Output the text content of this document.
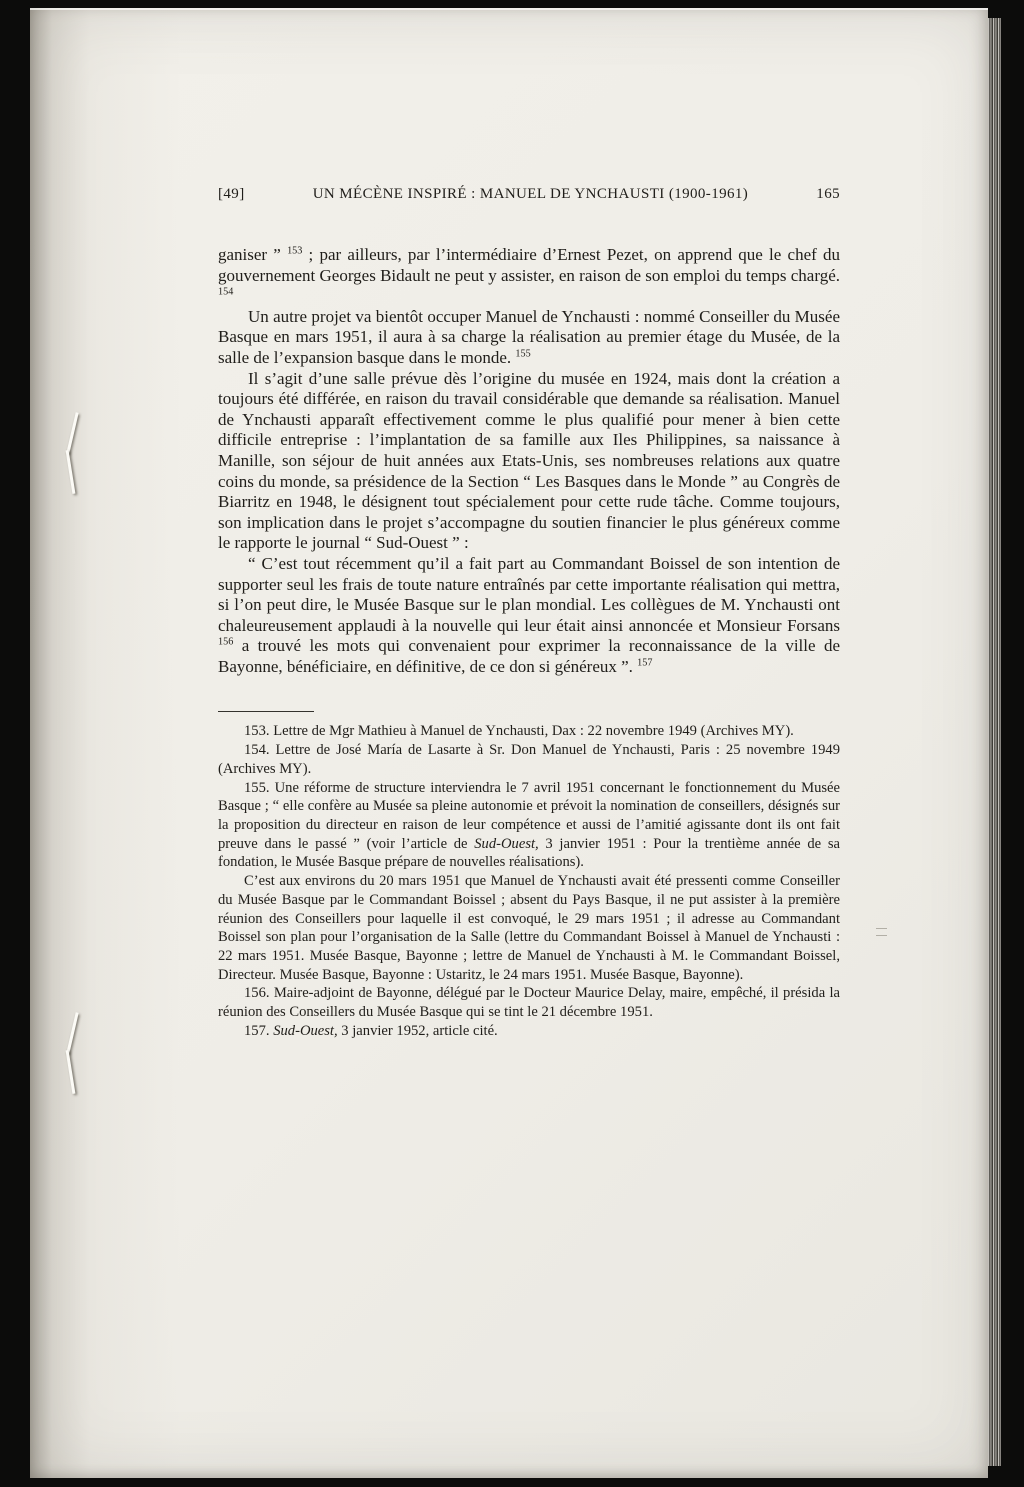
[49]	UN MÉCÈNE INSPIRÉ : MANUEL DE YNCHAUSTI (1900-1961)	165

ganiser ” $^{153}$ ; par ailleurs, par l’intermédiaire d’Ernest Pezet, on apprend que le chef du gouvernement Georges Bidault ne peut y assister, en raison de son emploi du temps chargé. $^{154}$

Un autre projet va bientôt occuper Manuel de Ynchausti : nommé Conseiller du Musée Basque en mars 1951, il aura à sa charge la réalisation au premier étage du Musée, de la salle de l’expansion basque dans le monde. $^{155}$

Il s’agit d’une salle prévue dès l’origine du musée en 1924, mais dont la création a toujours été différée, en raison du travail considérable que demande sa réalisation. Manuel de Ynchausti apparaît effectivement comme le plus qualifié pour mener à bien cette difficile entreprise : l’implantation de sa famille aux Iles Philippines, sa naissance à Manille, son séjour de huit années aux Etats-Unis, ses nombreuses relations aux quatre coins du monde, sa présidence de la Section “ Les Basques dans le Monde ” au Congrès de Biarritz en 1948, le désignent tout spécialement pour cette rude tâche. Comme toujours, son implication dans le projet s’accompagne du soutien financier le plus généreux comme le rapporte le journal “ Sud-Ouest ” :

“ C’est tout récemment qu’il a fait part au Commandant Boissel de son intention de supporter seul les frais de toute nature entraînés par cette importante réalisation qui mettra, si l’on peut dire, le Musée Basque sur le plan mondial. Les collègues de M. Ynchausti ont chaleureusement applaudi à la nouvelle qui leur était ainsi annoncée et Monsieur Forsans $^{156}$ a trouvé les mots qui convenaient pour exprimer la reconnaissance de la ville de Bayonne, bénéficiaire, en définitive, de ce don si généreux ”. $^{157}$

153. Lettre de Mgr Mathieu à Manuel de Ynchausti, Dax : 22 novembre 1949 (Archives MY).

154. Lettre de José María de Lasarte à Sr. Don Manuel de Ynchausti, Paris : 25 novembre 1949 (Archives MY).

155. Une réforme de structure interviendra le 7 avril 1951 concernant le fonctionnement du Musée Basque ; “ elle confère au Musée sa pleine autonomie et prévoit la nomination de conseillers, désignés sur la proposition du directeur en raison de leur compétence et aussi de l’amitié agissante dont ils ont fait preuve dans le passé ” (voir l’article de Sud-Ouest, 3 janvier 1951 : Pour la trentième année de sa fondation, le Musée Basque prépare de nouvelles réalisations).

C’est aux environs du 20 mars 1951 que Manuel de Ynchausti avait été pressenti comme Conseiller du Musée Basque par le Commandant Boissel ; absent du Pays Basque, il ne put assister à la première réunion des Conseillers pour laquelle il est convoqué, le 29 mars 1951 ; il adresse au Commandant Boissel son plan pour l’organisation de la Salle (lettre du Commandant Boissel à Manuel de Ynchausti : 22 mars 1951. Musée Basque, Bayonne ; lettre de Manuel de Ynchausti à M. le Commandant Boissel, Directeur. Musée Basque, Bayonne : Ustaritz, le 24 mars 1951. Musée Basque, Bayonne).

156. Maire-adjoint de Bayonne, délégué par le Docteur Maurice Delay, maire, empêché, il présida la réunion des Conseillers du Musée Basque qui se tint le 21 décembre 1951.

157. Sud-Ouest, 3 janvier 1952, article cité.
